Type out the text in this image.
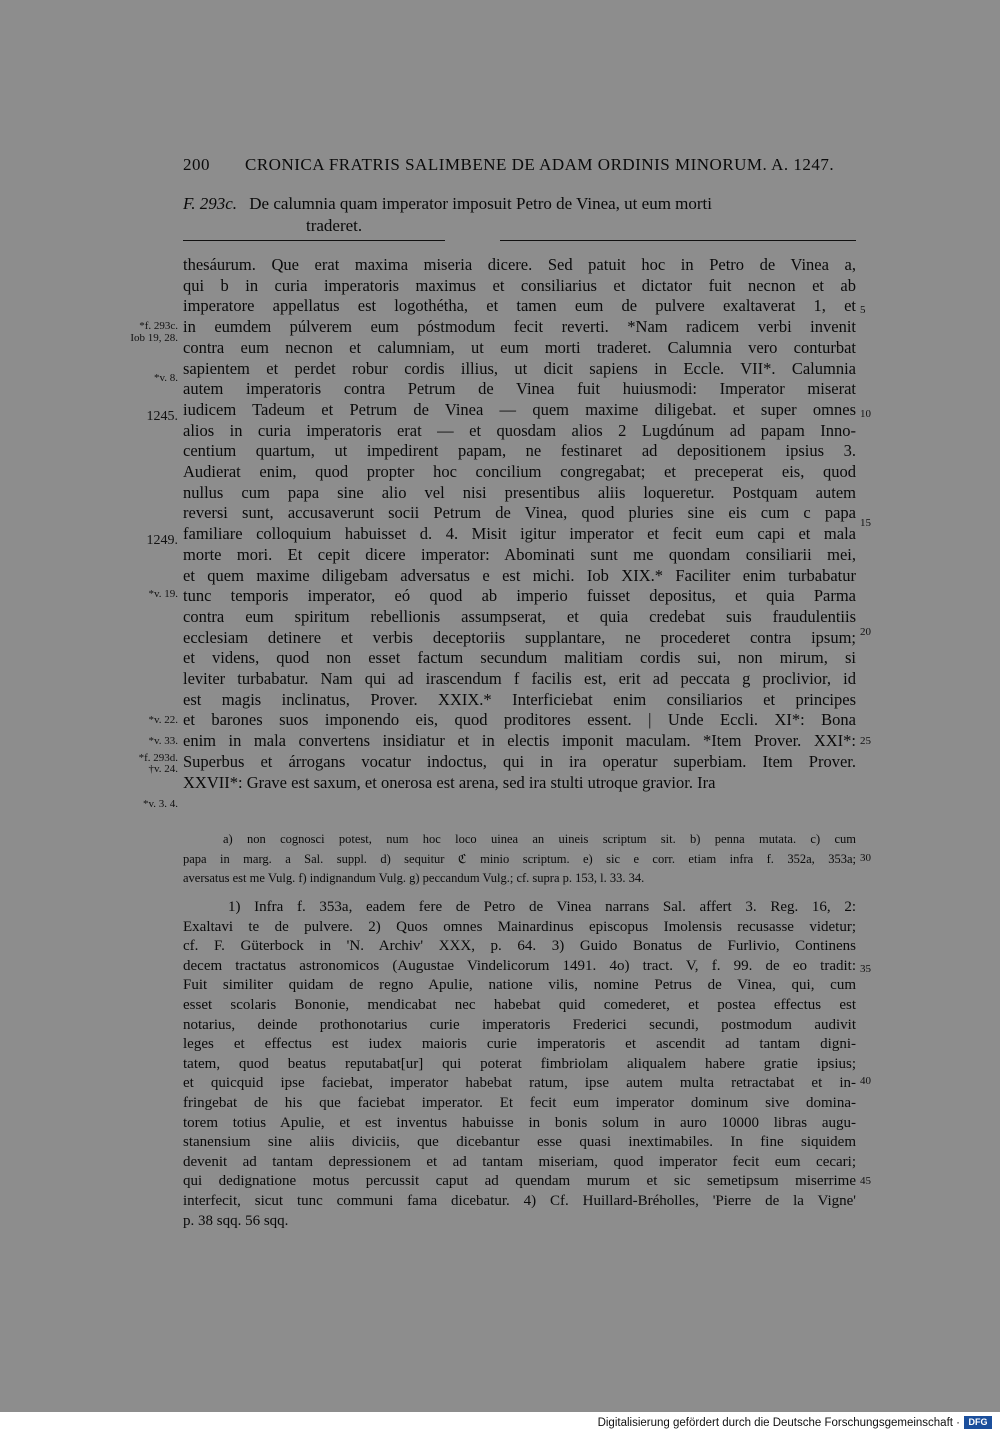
200 CRONICA FRATRIS SALIMBENE DE ADAM ORDINIS MINORUM. A. 1247.
F. 293c. De calumnia quam imperator imposuit Petro de Vinea, ut eum morti
traderet.
thesáurum. Que erat maxima miseria dicere. Sed patuit hoc in Petro de Vinea a,
qui b in curia imperatoris maximus et consiliarius et dictator fuit necnon et ab
imperatore appellatus est logothétha, et tamen eum de pulvere exaltaverat 1, et
in eumdem púlverem eum póstmodum fecit reverti. *Nam radicem verbi invenit
contra eum necnon et calumniam, ut eum morti traderet. Calumnia vero conturbat
sapientem et perdet robur cordis illius, ut dicit sapiens in Eccle. VII*. Calumnia
autem imperatoris contra Petrum de Vinea fuit huiusmodi: Imperator miserat
iudicem Tadeum et Petrum de Vinea — quem maxime diligebat. et super omnes
alios in curia imperatoris erat — et quosdam alios 2 Lugdúnum ad papam Inno-
centium quartum, ut impedirent papam, ne festinaret ad depositionem ipsius 3.
Audierat enim, quod propter hoc concilium congregabat; et preceperat eis, quod
nullus cum papa sine alio vel nisi presentibus aliis loqueretur. Postquam autem
reversi sunt, accusaverunt socii Petrum de Vinea, quod pluries sine eis cum c papa
familiare colloquium habuisset d. 4. Misit igitur imperator et fecit eum capi et mala
morte mori. Et cepit dicere imperator: Abominati sunt me quondam consiliarii mei,
et quem maxime diligebam adversatus e est michi. Iob XIX.* Faciliter enim turbabatur
tunc temporis imperator, eó quod ab imperio fuisset depositus, et quia Parma
contra eum spiritum rebellionis assumpserat, et quia credebat suis fraudulentiis
ecclesiam detinere et verbis deceptoriis supplantare, ne procederet contra ipsum;
et videns, quod non esset factum secundum malitiam cordis sui, non mirum, si
leviter turbabatur. Nam qui ad irascendum f facilis est, erit ad peccata g proclivior, id
est magis inclinatus, Prover. XXIX.* Interficiebat enim consiliarios et principes
et barones suos imponendo eis, quod proditores essent. | Unde Eccli. XI*: Bona
enim in mala convertens insidiatur et in electis imponit maculam. *Item Prover. XXI*:
Superbus et árrogans vocatur indoctus, qui in ira operatur superbiam. Item Prover.
XXVII*: Grave est saxum, et onerosa est arena, sed ira stulti utroque gravior. Ira
a) non cognosci potest, num hoc loco uinea an uineis scriptum sit. b) penna mutata. c) cum
papa in marg. a Sal. suppl. d) sequitur ℭ minio scriptum. e) sic e corr. etiam infra f. 352a, 353a;
aversatus est me Vulg. f) indignandum Vulg. g) peccandum Vulg.; cf. supra p. 153, l. 33. 34.
1) Infra f. 353a, eadem fere de Petro de Vinea narrans Sal. affert 3. Reg. 16, 2:
Exaltavi te de pulvere. 2) Quos omnes Mainardinus episcopus Imolensis recusasse videtur;
cf. F. Güterbock in 'N. Archiv' XXX, p. 64. 3) Guido Bonatus de Furlivio, Continens
decem tractatus astronomicos (Augustae Vindelicorum 1491. 4o) tract. V, f. 99. de eo tradit:
Fuit similiter quidam de regno Apulie, natione vilis, nomine Petrus de Vinea, qui, cum
esset scolaris Bononie, mendicabat nec habebat quid comederet, et postea effectus est
notarius, deinde prothonotarius curie imperatoris Frederici secundi, postmodum audivit
leges et effectus est iudex maioris curie imperatoris et ascendit ad tantam digni-
tatem, quod beatus reputabat[ur] qui poterat fimbriolam aliqualem habere gratie ipsius;
et quicquid ipse faciebat, imperator habebat ratum, ipse autem multa retractabat et in-
fringebat de his que faciebat imperator. Et fecit eum imperator dominum sive domina-
torem totius Apulie, et est inventus habuisse in bonis solum in auro 10000 libras augu-
stanensium sine aliis diviciis, que dicebantur esse quasi inextimabiles. In fine siquidem
devenit ad tantam depressionem et ad tantam miseriam, quod imperator fecit eum cecari;
qui dedignatione motus percussit caput ad quendam murum et sic semetipsum miserrime
interfecit, sicut tunc communi fama dicebatur. 4) Cf. Huillard-Bréholles, 'Pierre de la Vigne'
p. 38 sqq. 56 sqq.
*f. 293c.
Iob 19, 28.
*v. 8.
1245.
1249.
*v. 19.
*v. 22.
*v. 33.
*f. 293d.
†v. 24.
*v. 3. 4.
5
10
15
20
25
30
35
40
45
Digitalisierung gefördert durch die Deutsche Forschungsgemeinschaft · DFG
